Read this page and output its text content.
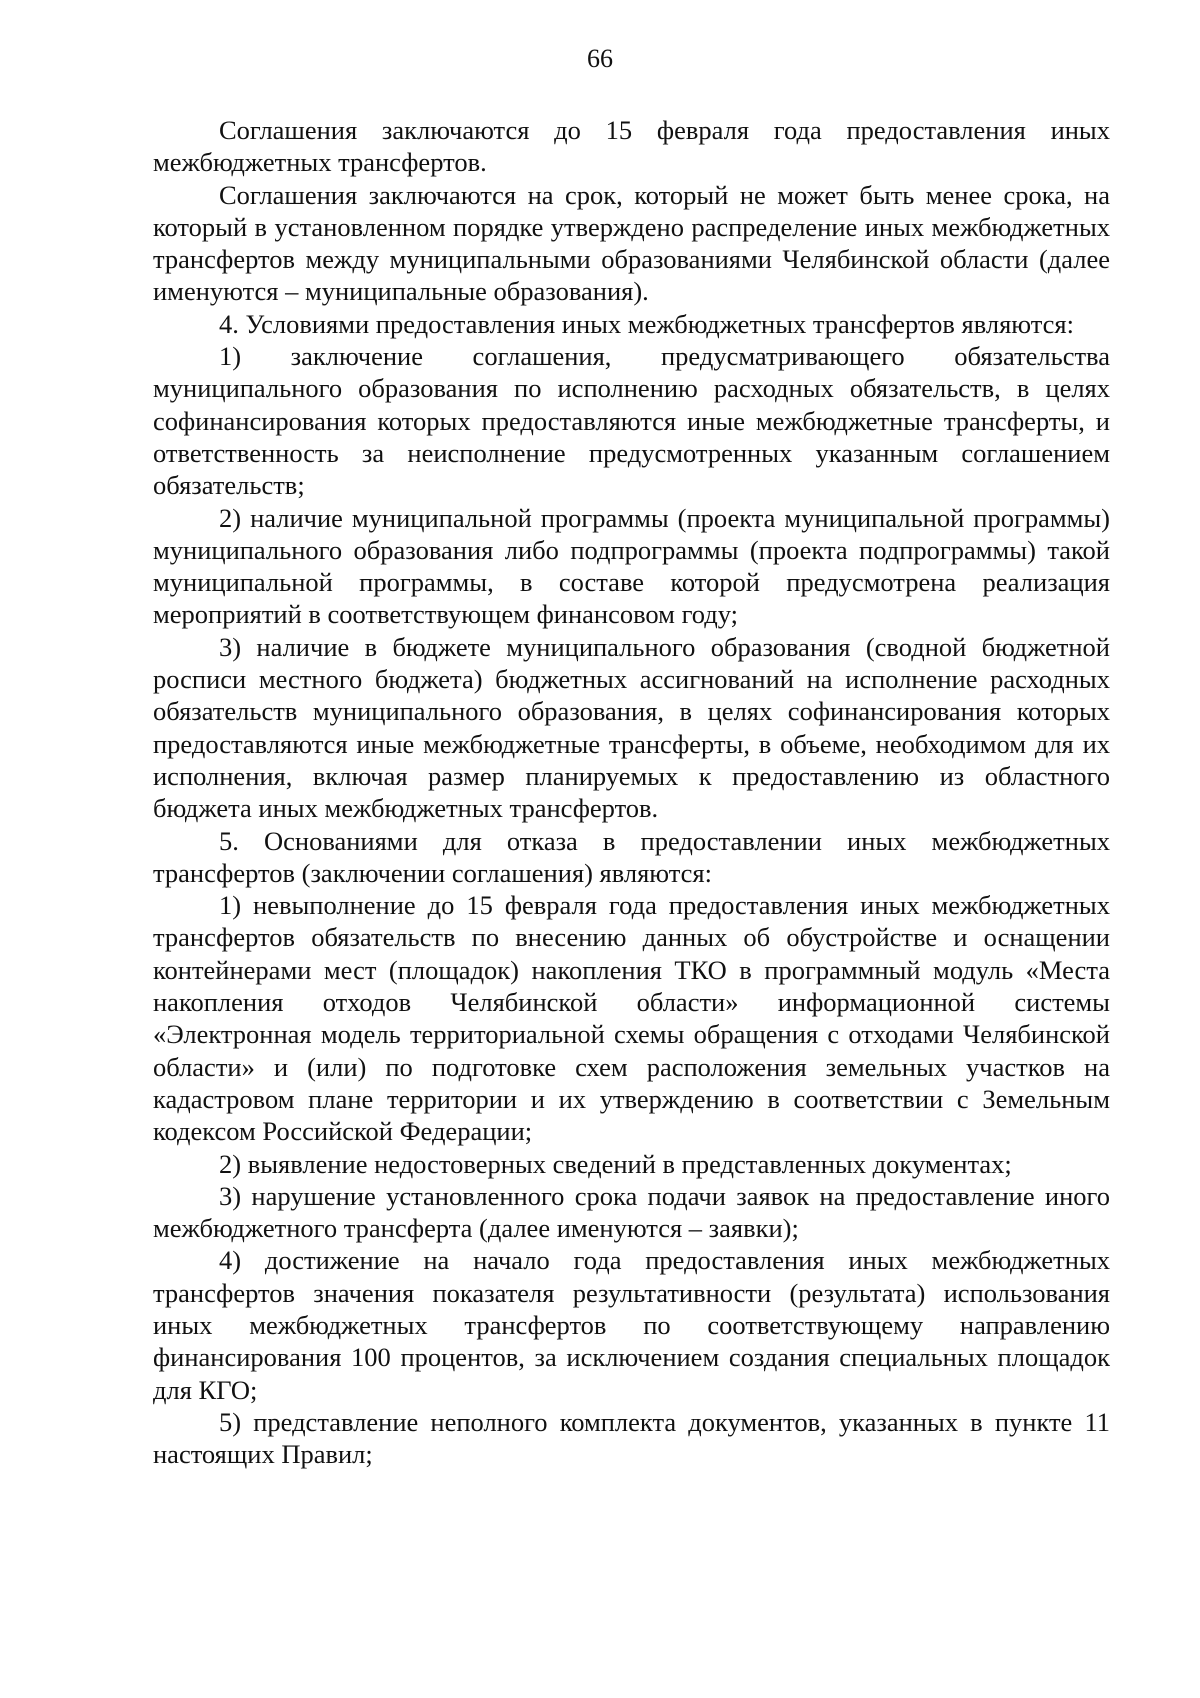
66

Соглашения заключаются до 15 февраля года предоставления иных межбюджетных трансфертов.

Соглашения заключаются на срок, который не может быть менее срока, на который в установленном порядке утверждено распределение иных межбюджетных трансфертов между муниципальными образованиями Челябинской области (далее именуются – муниципальные образования).

4. Условиями предоставления иных межбюджетных трансфертов являются:

1) заключение соглашения, предусматривающего обязательства муниципального образования по исполнению расходных обязательств, в целях софинансирования которых предоставляются иные межбюджетные трансферты, и ответственность за неисполнение предусмотренных указанным соглашением обязательств;

2) наличие муниципальной программы (проекта муниципальной программы) муниципального образования либо подпрограммы (проекта подпрограммы) такой муниципальной программы, в составе которой предусмотрена реализация мероприятий в соответствующем финансовом году;

3) наличие в бюджете муниципального образования (сводной бюджетной росписи местного бюджета) бюджетных ассигнований на исполнение расходных обязательств муниципального образования, в целях софинансирования которых предоставляются иные межбюджетные трансферты, в объеме, необходимом для их исполнения, включая размер планируемых к предоставлению из областного бюджета иных межбюджетных трансфертов.

5. Основаниями для отказа в предоставлении иных межбюджетных трансфертов (заключении соглашения) являются:

1) невыполнение до 15 февраля года предоставления иных межбюджетных трансфертов обязательств по внесению данных об обустройстве и оснащении контейнерами мест (площадок) накопления ТКО в программный модуль «Места накопления отходов Челябинской области» информационной системы «Электронная модель территориальной схемы обращения с отходами Челябинской области» и (или) по подготовке схем расположения земельных участков на кадастровом плане территории и их утверждению в соответствии с Земельным кодексом Российской Федерации;

2) выявление недостоверных сведений в представленных документах;

3) нарушение установленного срока подачи заявок на предоставление иного межбюджетного трансферта (далее именуются – заявки);

4) достижение на начало года предоставления иных межбюджетных трансфертов значения показателя результативности (результата) использования иных межбюджетных трансфертов по соответствующему направлению финансирования 100 процентов, за исключением создания специальных площадок для КГО;

5) представление неполного комплекта документов, указанных в пункте 11 настоящих Правил;
